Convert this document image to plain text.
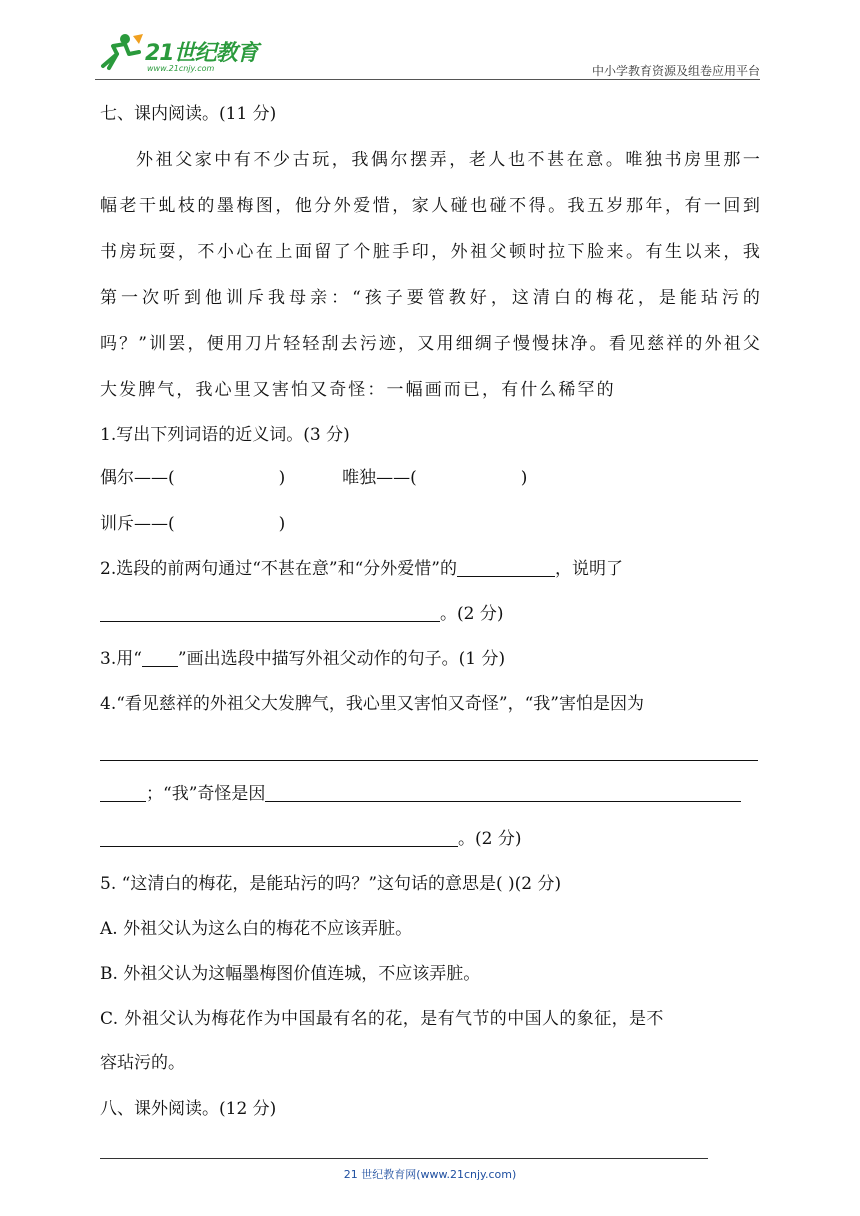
21世纪教育
www.21cnjy.com	中小学教育资源及组卷应用平台
七、课内阅读。(11 分)
外祖父家中有不少古玩，我偶尔摆弄，老人也不甚在意。唯独书房里那一幅老干虬枝的墨梅图，他分外爱惜，家人碰也碰不得。我五岁那年，有一回到书房玩耍，不小心在上面留了个脏手印，外祖父顿时拉下脸来。有生以来，我第一次听到他训斥我母亲：“孩子要管教好，这清白的梅花，是能玷污的吗？”训罢，便用刀片轻轻刮去污迹，又用细绸子慢慢抹净。看见慈祥的外祖父大发脾气，我心里又害怕又奇怪：一幅画而已，有什么稀罕的
1.写出下列词语的近义词。(3 分)
偶尔——(	)	唯独——(	)
训斥——(	)
2.选段的前两句通过“不甚在意”和“分外爱惜”的	，说明了
。(2 分)
3.用“ ”画出选段中描写外祖父动作的句子。(1 分)
4.“看见慈祥的外祖父大发脾气，我心里又害怕又奇怪”，“我”害怕是因为
；“我”奇怪是因
。(2 分)
5. “这清白的梅花，是能玷污的吗？”这句话的意思是( )(2 分)
A. 外祖父认为这么白的梅花不应该弄脏。
B. 外祖父认为这幅墨梅图价值连城，不应该弄脏。
C. 外祖父认为梅花作为中国最有名的花，是有气节的中国人的象征，是不
容玷污的。
八、课外阅读。(12 分)
21 世纪教育网(www.21cnjy.com)
